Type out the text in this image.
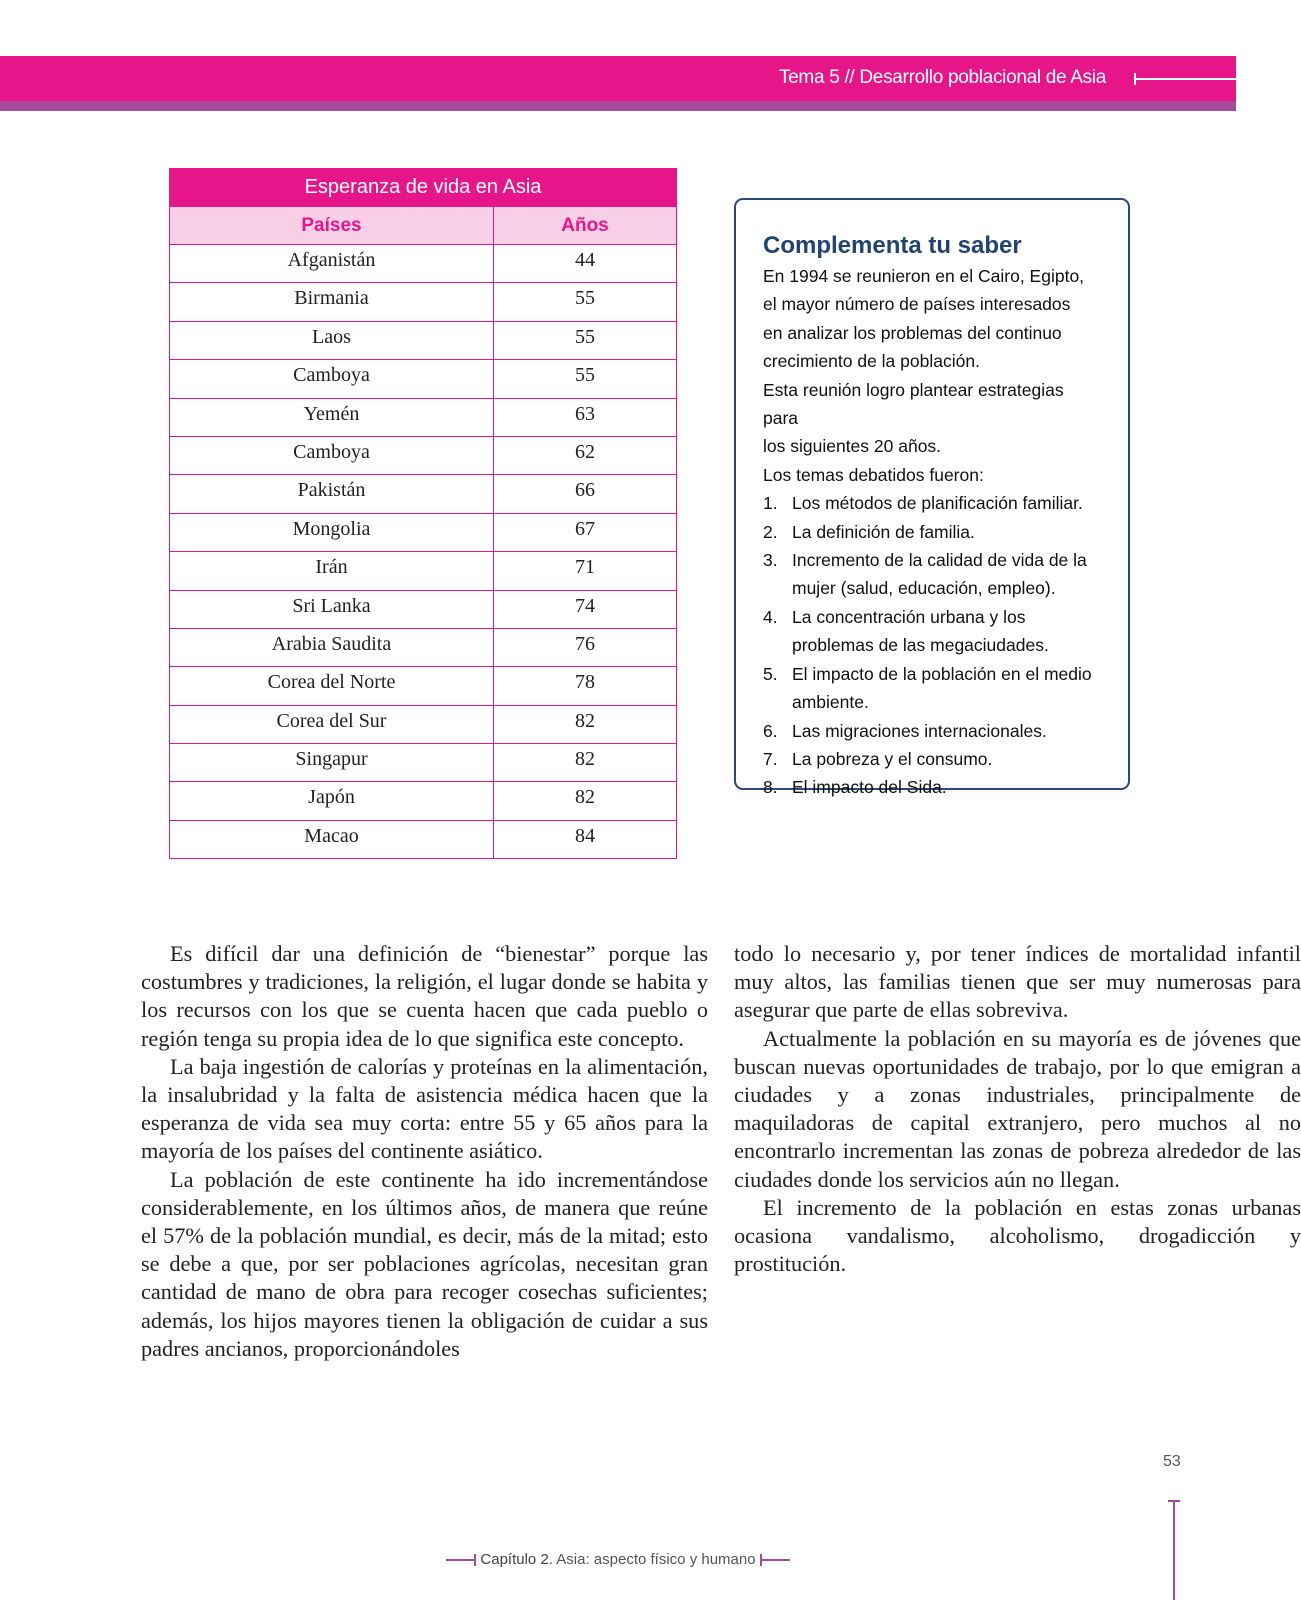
Tema 5 // Desarrollo poblacional de Asia
Esperanza de vida en Asia	
Países	Años
Afganistán	44
Birmania	55
Laos	55
Camboya	55
Yemén	63
Camboya	62
Pakistán	66
Mongolia	67
Irán	71
Sri Lanka	74
Arabia Saudita	76
Corea del Norte	78
Corea del Sur	82
Singapur	82
Japón	82
Macao	84
Complementa tu saber

En 1994 se reunieron en el Cairo, Egipto,

el mayor número de países interesados

en analizar los problemas del continuo

crecimiento de la población.

Esta reunión logro plantear estrategias para

los siguientes 20 años.

Los temas debatidos fueron:

1. Los métodos de planificación familiar.
2. La definición de familia.
3. Incremento de la calidad de vida de la mujer (salud, educación, empleo).
4. La concentración urbana y los problemas de las megaciudades.
5. El impacto de la población en el medio ambiente.
6. Las migraciones internacionales.
7. La pobreza y el consumo.
8. El impacto del Sida.

Es difícil dar una definición de “bienestar” porque las costumbres y tradiciones, la religión, el lugar donde se habita y los recursos con los que se cuenta hacen que cada pueblo o región tenga su propia idea de lo que significa este concepto.

La baja ingestión de calorías y proteínas en la alimentación, la insalubridad y la falta de asistencia médica hacen que la esperanza de vida sea muy corta: entre 55 y 65 años para la mayoría de los países del continente asiático.

La población de este continente ha ido incrementándose considerablemente, en los últimos años, de manera que reúne el 57% de la población mundial, es decir, más de la mitad; esto se debe a que, por ser poblaciones agrícolas, necesitan gran cantidad de mano de obra para recoger cosechas suficientes; además, los hijos mayores tienen la obligación de cuidar a sus padres ancianos, proporcionándoles

todo lo necesario y, por tener índices de mortalidad infantil muy altos, las familias tienen que ser muy numerosas para asegurar que parte de ellas sobreviva.

Actualmente la población en su mayoría es de jóvenes que buscan nuevas oportunidades de trabajo, por lo que emigran a ciudades y a zonas industriales, principalmente de maquiladoras de capital extranjero, pero muchos al no encontrarlo incrementan las zonas de pobreza alrededor de las ciudades donde los servicios aún no llegan.

El incremento de la población en estas zonas urbanas ocasiona vandalismo, alcoholismo, drogadicción y prostitución.

53
Capítulo 2. Asia: aspecto físico y humano
